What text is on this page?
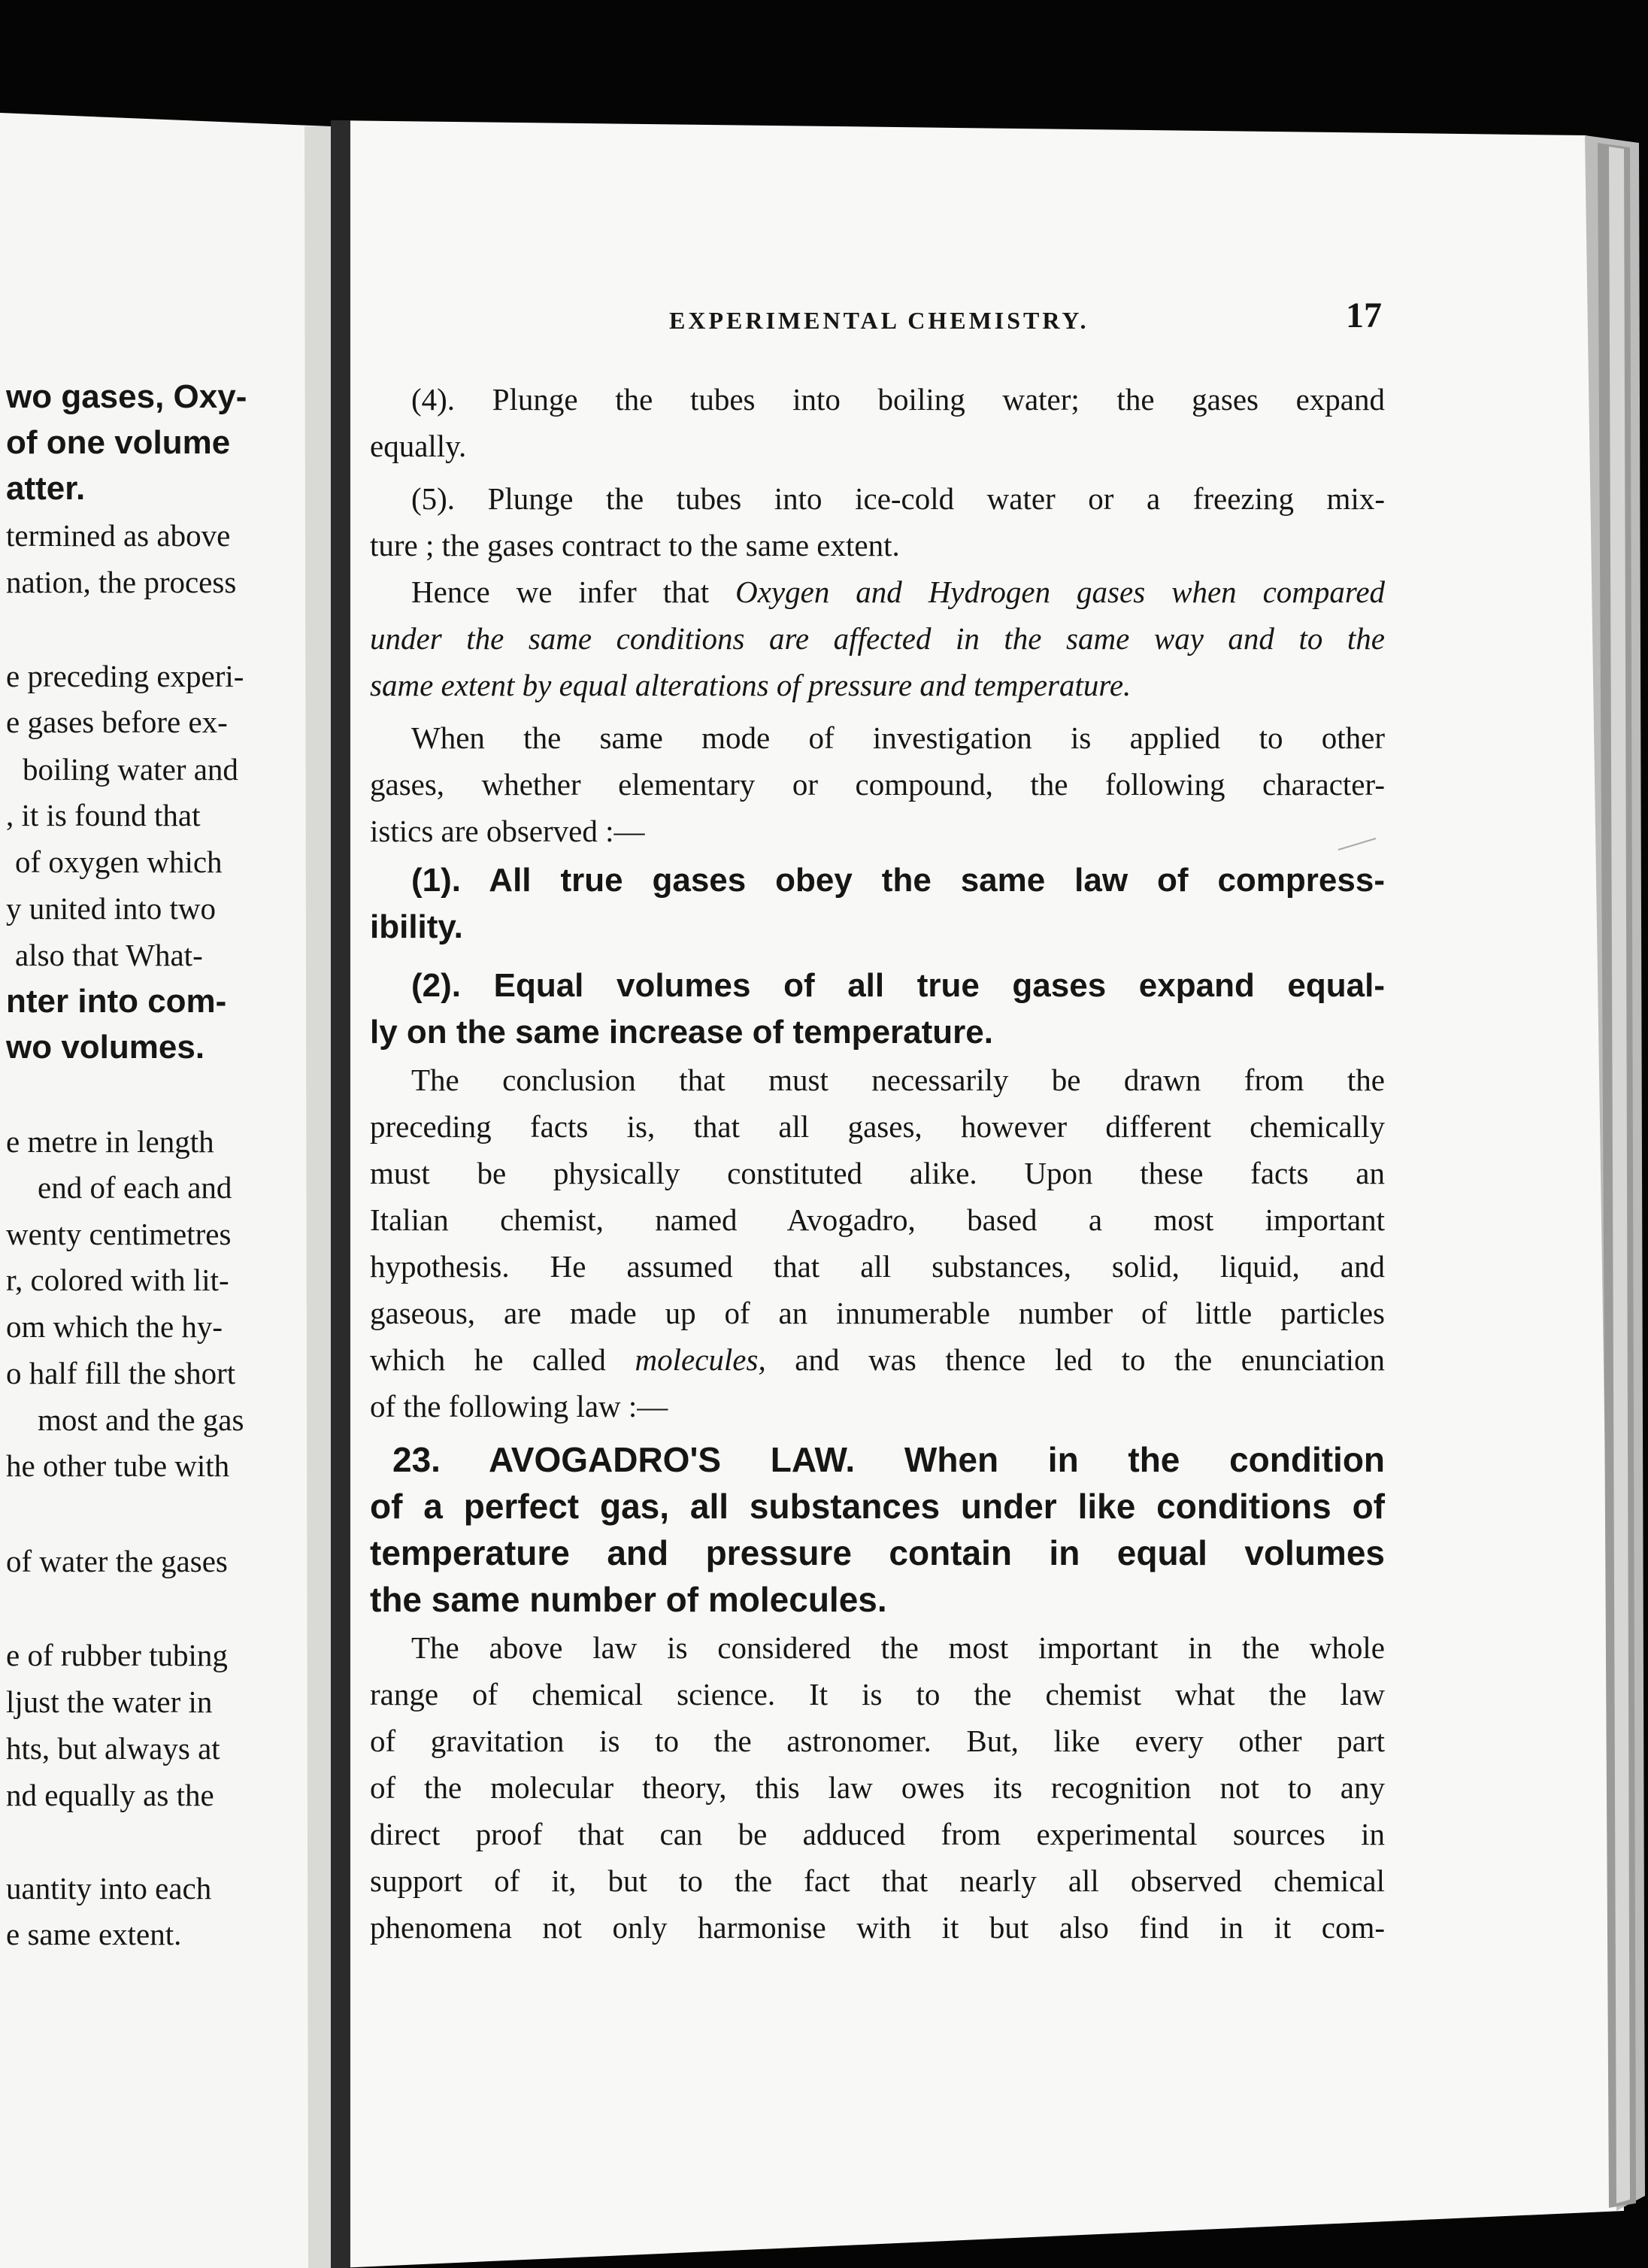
wo gases, Oxy-
of one volume
atter.
termined as above
nation, the process
e preceding experi-
e gases before ex-
boiling water and
, it is found that
of oxygen which
y united into two
also that What-
nter into com-
wo volumes.
e metre in length
end of each and
wenty centimetres
r, colored with lit-
om which the hy-
o half fill the short
most and the gas
he other tube with
of water the gases
e of rubber tubing
ljust the water in
hts, but always at
nd equally as the
uantity into each
e same extent.
EXPERIMENTAL CHEMISTRY.	17
(4). Plunge the tubes into boiling water; the gases expand
equally.
(5). Plunge the tubes into ice-cold water or a freezing mix-
ture ; the gases contract to the same extent.
Hence we infer that Oxygen and Hydrogen gases when compared
under the same conditions are affected in the same way and to the
same extent by equal alterations of pressure and temperature.
When the same mode of investigation is applied to other
gases, whether elementary or compound, the following character-
istics are observed :—
(1). All true gases obey the same law of compress-
ibility.
(2). Equal volumes of all true gases expand equal-
ly on the same increase of temperature.
The conclusion that must necessarily be drawn from the
preceding facts is, that all gases, however different chemically
must be physically constituted alike. Upon these facts an
Italian chemist, named Avogadro, based a most important
hypothesis. He assumed that all substances, solid, liquid, and
gaseous, are made up of an innumerable number of little particles
which he called molecules, and was thence led to the enunciation
of the following law :—
23. AVOGADRO'S LAW. When in the condition
of a perfect gas, all substances under like conditions of
temperature and pressure contain in equal volumes
the same number of molecules.
The above law is considered the most important in the whole
range of chemical science. It is to the chemist what the law
of gravitation is to the astronomer. But, like every other part
of the molecular theory, this law owes its recognition not to any
direct proof that can be adduced from experimental sources in
support of it, but to the fact that nearly all observed chemical
phenomena not only harmonise with it but also find in it com-
